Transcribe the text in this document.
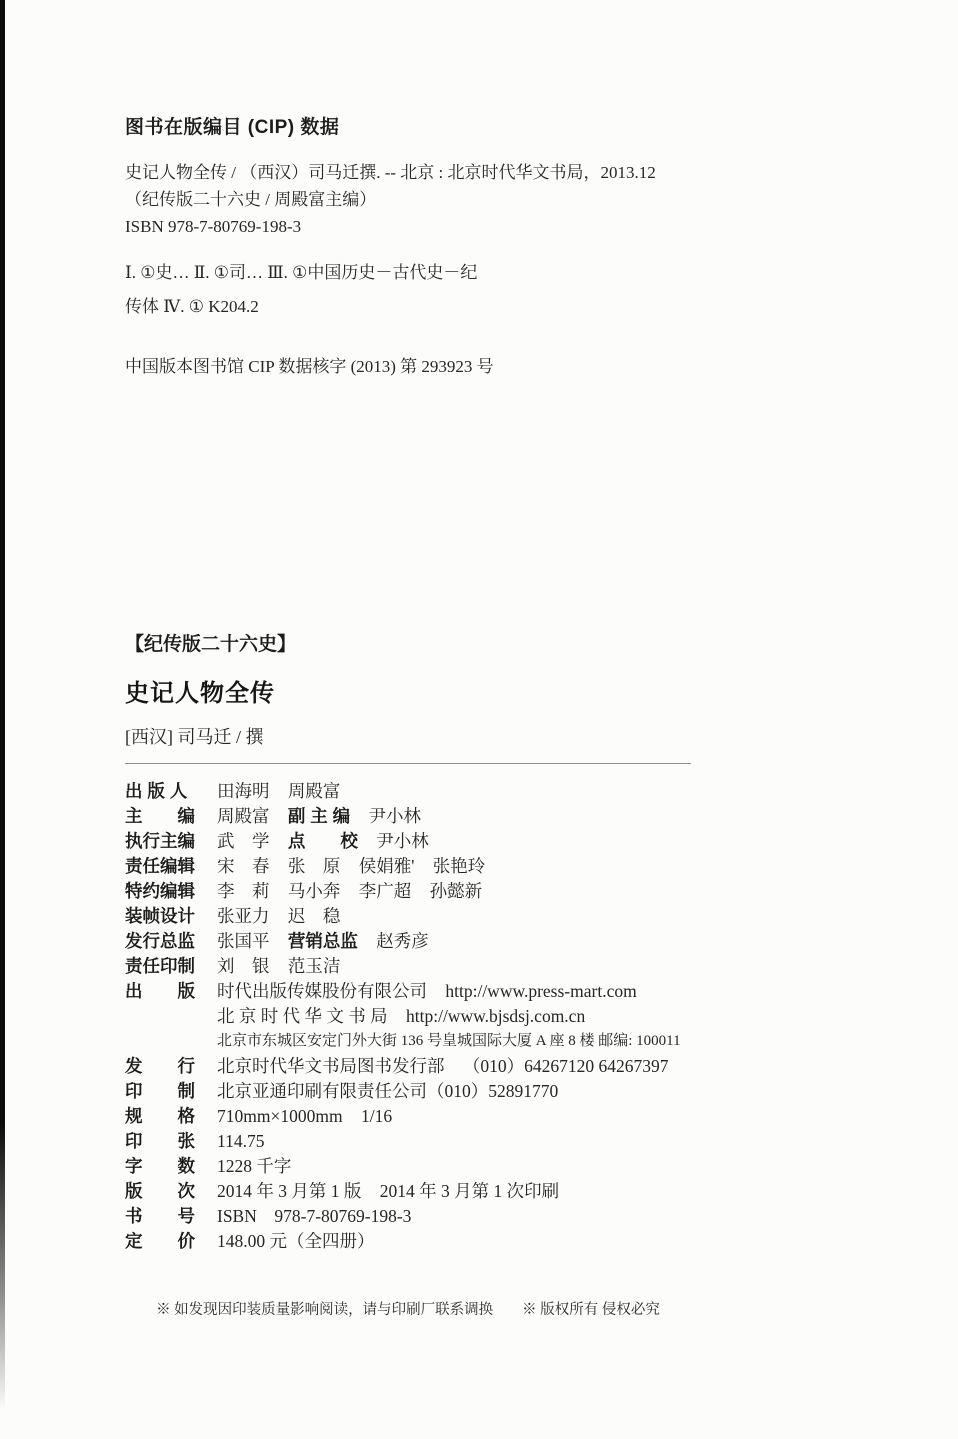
图书在版编目 (CIP) 数据

史记人物全传 / （西汉）司马迁撰. -- 北京 : 北京时代华文书局，2013.12

（纪传版二十六史 / 周殿富主编）

ISBN 978-7-80769-198-3

Ⅰ. ①史… Ⅱ. ①司… Ⅲ. ①中国历史－古代史－纪

传体 Ⅳ. ① K204.2

中国版本图书馆 CIP 数据核字 (2013) 第 293923 号
【纪传版二十六史】
史记人物全传
[西汉] 司马迁 / 撰
出 版 人	田海明 周殿富
主　　编 周殿富 副 主 编 尹小林
执行主编 武　学 点　　校 尹小林
责任编辑 宋　春 张　原 侯娟雅' 张艳玲
特约编辑 李　莉 马小奔 李广超 孙懿新
装帧设计 张亚力 迟　稳
发行总监 张国平 营销总监 赵秀彦
责任印制 刘　银 范玉洁
出　　版 时代出版传媒股份有限公司 http://www.press-mart.com
北 京 时 代 华 文 书 局 http://www.bjsdsj.com.cn
北京市东城区安定门外大街 136 号皇城国际大厦 A 座 8 楼 邮编: 100011
发　　行 北京时代华文书局图书发行部 （010）64267120 64267397
印　　制 北京亚通印刷有限责任公司（010）52891770
规　　格 710mm×1000mm 1/16
印　　张 114.75
字　　数 1228 千字
版　　次 2014 年 3 月第 1 版 2014 年 3 月第 1 次印刷
书　　号 ISBN　978-7-80769-198-3
定　　价 148.00 元（全四册）
※ 如发现因印装质量影响阅读，请与印刷厂联系调换　　※ 版权所有 侵权必究
